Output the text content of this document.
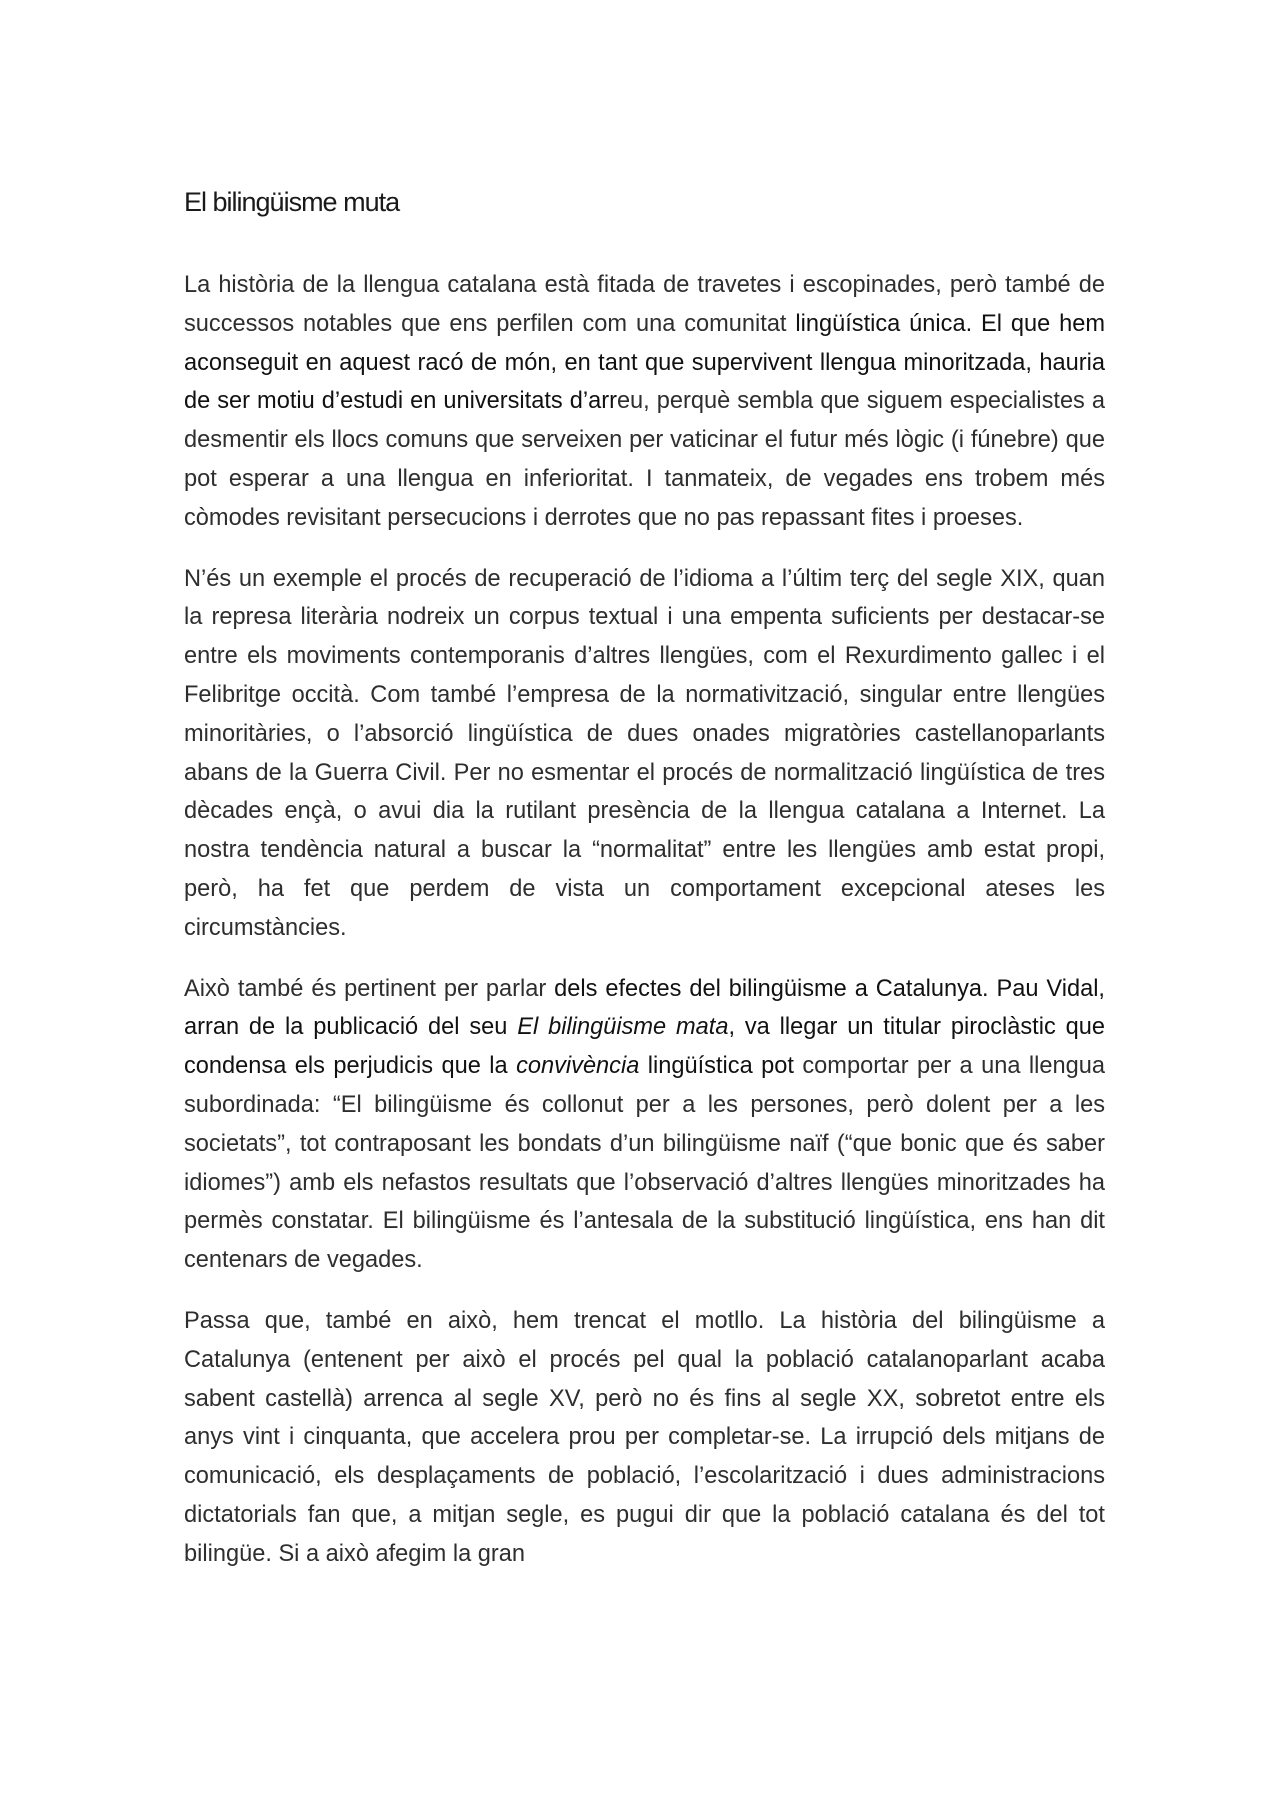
El bilingüisme muta

La història de la llengua catalana està fitada de travetes i escopinades, però també de successos notables que ens perfilen com una comunitat lingüística única. El que hem aconseguit en aquest racó de món, en tant que supervivent llengua minoritzada, hauria de ser motiu d’estudi en universitats d’arreu, perquè sembla que siguem especialistes a desmentir els llocs comuns que serveixen per vaticinar el futur més lògic (i fúnebre) que pot esperar a una llengua en inferioritat. I tanmateix, de vegades ens trobem més còmodes revisitant persecucions i derrotes que no pas repassant fites i proeses.

N’és un exemple el procés de recuperació de l’idioma a l’últim terç del segle XIX, quan la represa literària nodreix un corpus textual i una empenta suficients per destacar-se entre els moviments contemporanis d’altres llengües, com el Rexurdimento gallec i el Felibritge occità. Com també l’empresa de la normativització, singular entre llengües minoritàries, o l’absorció lingüística de dues onades migratòries castellanoparlants abans de la Guerra Civil. Per no esmentar el procés de normalització lingüística de tres dècades ençà, o avui dia la rutilant presència de la llengua catalana a Internet. La nostra tendència natural a buscar la “normalitat” entre les llengües amb estat propi, però, ha fet que perdem de vista un comportament excepcional ateses les circumstàncies.

Això també és pertinent per parlar dels efectes del bilingüisme a Catalunya. Pau Vidal, arran de la publicació del seu El bilingüisme mata, va llegar un titular piroclàstic que condensa els perjudicis que la convivència lingüística pot comportar per a una llengua subordinada: “El bilingüisme és collonut per a les persones, però dolent per a les societats”, tot contraposant les bondats d’un bilingüisme naïf (“que bonic que és saber idiomes”) amb els nefastos resultats que l’observació d’altres llengües minoritzades ha permès constatar. El bilingüisme és l’antesala de la substitució lingüística, ens han dit centenars de vegades.

Passa que, també en això, hem trencat el motllo. La història del bilingüisme a Catalunya (entenent per això el procés pel qual la població catalanoparlant acaba sabent castellà) arrenca al segle XV, però no és fins al segle XX, sobretot entre els anys vint i cinquanta, que accelera prou per completar-se. La irrupció dels mitjans de comunicació, els desplaçaments de població, l’escolarització i dues administracions dictatorials fan que, a mitjan segle, es pugui dir que la població catalana és del tot bilingüe. Si a això afegim la gran
